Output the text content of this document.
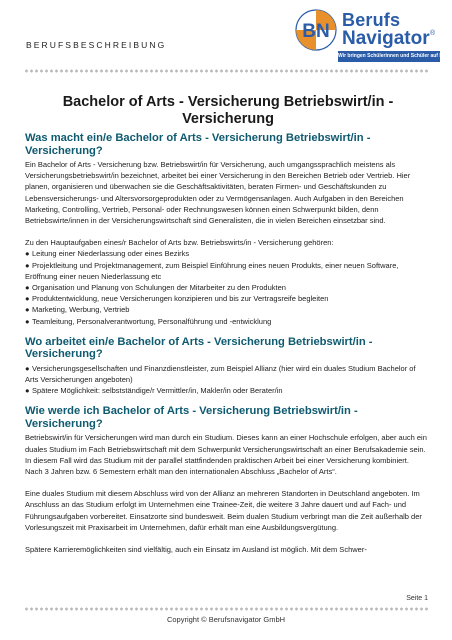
BERUFSBESCHREIBUNG
BN
Berufs
Navigator ®
Wir bringen Schülerinnen und Schüler auf Kurs
Bachelor of Arts - Versicherung Betriebswirt/in - Versicherung
Was macht ein/e Bachelor of Arts - Versicherung Betriebswirt/in - Versicherung?

Ein Bachelor of Arts - Versicherung bzw. Betriebswirt/in für Versicherung, auch umgangssprachlich meistens als Versicherungsbetriebswirt/in bezeichnet, arbeitet bei einer Versicherung in den Bereichen Betrieb oder Vertrieb. Hier planen, organisieren und überwachen sie die Geschäftsaktivitäten, beraten Firmen- und Geschäftskunden zu Lebensversicherungs- und Altersvorsorgeprodukten oder zu Vermögensanlagen. Auch Aufgaben in den Bereichen Marketing, Controlling, Vertrieb, Personal- oder Rechnungswesen können einen Schwerpunkt bilden, denn Betriebswirte/innen in der Versicherungswirtschaft sind Generalisten, die in vielen Bereichen einsetzbar sind.

Zu den Hauptaufgaben eines/r Bachelor of Arts bzw. Betriebswirts/in - Versicherung gehören:

● Leitung einer Niederlassung oder eines Bezirks
● Projektleitung und Projektmanagement, zum Beispiel Einführung eines neuen Produkts, einer neuen Software, Eröffnung einer neuen Niederlassung etc
● Organisation und Planung von Schulungen der Mitarbeiter zu den Produkten
● Produktentwicklung, neue Versicherungen konzipieren und bis zur Vertragsreife begleiten
● Marketing, Werbung, Vertrieb
● Teamleitung, Personalverantwortung, Personalführung und -entwicklung
Wo arbeitet ein/e Bachelor of Arts - Versicherung Betriebswirt/in - Versicherung?
● Versicherungsgesellschaften und Finanzdienstleister, zum Beispiel Allianz (hier wird ein duales Studium Bachelor of Arts Versicherungen angeboten)
● Spätere Möglichkeit: selbstständige/r Vermittler/in, Makler/in oder Berater/in
Wie werde ich Bachelor of Arts - Versicherung Betriebswirt/in - Versicherung?

Betriebswirt/in für Versicherungen wird man durch ein Studium. Dieses kann an einer Hochschule erfolgen, aber auch ein duales Studium im Fach Betriebswirtschaft mit dem Schwerpunkt Versicherungswirtschaft an einer Berufsakademie sein. In diesem Fall wird das Studium mit der parallel stattfindenden praktischen Arbeit bei einer Versicherung kombiniert. Nach 3 Jahren bzw. 6 Semestern erhält man den internationalen Abschluss „Bachelor of Arts“.

Eine duales Studium mit diesem Abschluss wird von der Allianz an mehreren Standorten in Deutschland angeboten. Im Anschluss an das Studium erfolgt im Unternehmen eine Trainee-Zeit, die weitere 3 Jahre dauert und auf Fach- und Führungsaufgaben vorbereitet. Einsatzorte sind bundesweit. Beim dualen Studium verbringt man die Zeit außerhalb der Vorlesungszeit mit Praxisarbeit im Unternehmen, dafür erhält man eine Ausbildungsvergütung.

Spätere Karrieremöglichkeiten sind vielfältig, auch ein Einsatz im Ausland ist möglich. Mit dem Schwer-

Seite 1
Copyright © Berufsnavigator GmbH
